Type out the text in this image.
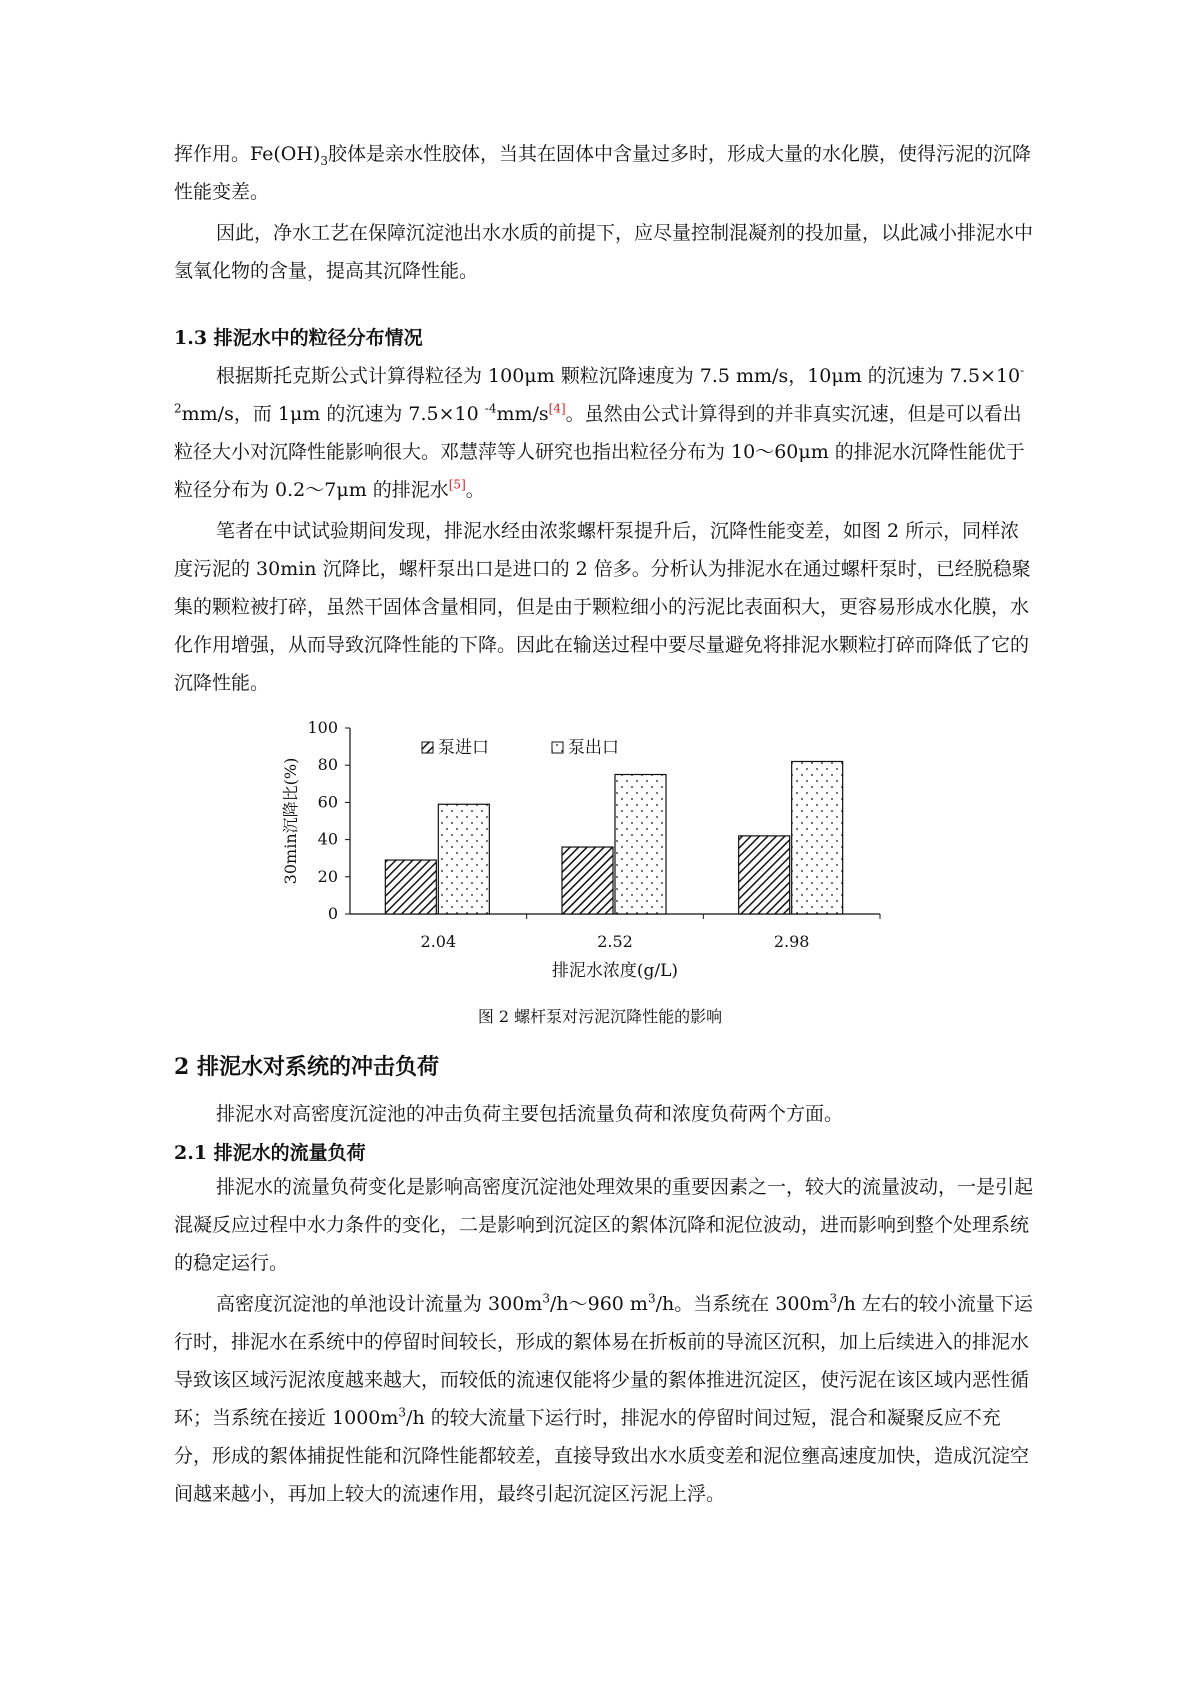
挥作用。$Fe(OH)_3$胶体是亲水性胶体，当其在固体中含量过多时，形成大量的水化膜，使得污泥的沉降性能变差。

因此，净水工艺在保障沉淀池出水水质的前提下，应尽量控制混凝剂的投加量，以此减小排泥水中氢氧化物的含量，提高其沉降性能。

1.3 排泥水中的粒径分布情况

根据斯托克斯公式计算得粒径为 100μm 颗粒沉降速度为 7.5 mm/s，10μm 的沉速为 $7.5\times 10^{-2}mm/s$，而 1μm 的沉速为 7.5×10 $^{-4}$mm/s[4]。虽然由公式计算得到的并非真实沉速，但是可以看出粒径大小对沉降性能影响很大。邓慧萍等人研究也指出粒径分布为 10～60μm 的排泥水沉降性能优于粒径分布为 0.2～7μm 的排泥水[5]。

笔者在中试试验期间发现，排泥水经由浓浆螺杆泵提升后，沉降性能变差，如图 2 所示，同样浓度污泥的 30min 沉降比，螺杆泵出口是进口的 2 倍多。分析认为排泥水在通过螺杆泵时，已经脱稳聚集的颗粒被打碎，虽然干固体含量相同，但是由于颗粒细小的污泥比表面积大，更容易形成水化膜，水化作用增强，从而导致沉降性能的下降。因此在输送过程中要尽量避免将排泥水颗粒打碎而降低了它的沉降性能。

0
20
40
60
80
100
2.04	2.52	2.98
泵进口	泵出口
排泥水浓度(g/L)
30min沉降比(%)
图 2 螺杆泵对污泥沉降性能的影响
2 排泥水对系统的冲击负荷

排泥水对高密度沉淀池的冲击负荷主要包括流量负荷和浓度负荷两个方面。

2.1 排泥水的流量负荷

排泥水的流量负荷变化是影响高密度沉淀池处理效果的重要因素之一，较大的流量波动，一是引起混凝反应过程中水力条件的变化，二是影响到沉淀区的絮体沉降和泥位波动，进而影响到整个处理系统的稳定运行。

高密度沉淀池的单池设计流量为 $300m^3/h\sim 960$ $m^3/h$。当系统在 $300m^3/h$ 左右的较小流量下运行时，排泥水在系统中的停留时间较长，形成的絮体易在折板前的导流区沉积，加上后续进入的排泥水导致该区域污泥浓度越来越大，而较低的流速仅能将少量的絮体推进沉淀区，使污泥在该区域内恶性循环；当系统在接近 $1000m^3/h$ 的较大流量下运行时，排泥水的停留时间过短，混合和凝聚反应不充分，形成的絮体捕捉性能和沉降性能都较差，直接导致出水水质变差和泥位壅高速度加快，造成沉淀空间越来越小，再加上较大的流速作用，最终引起沉淀区污泥上浮。
